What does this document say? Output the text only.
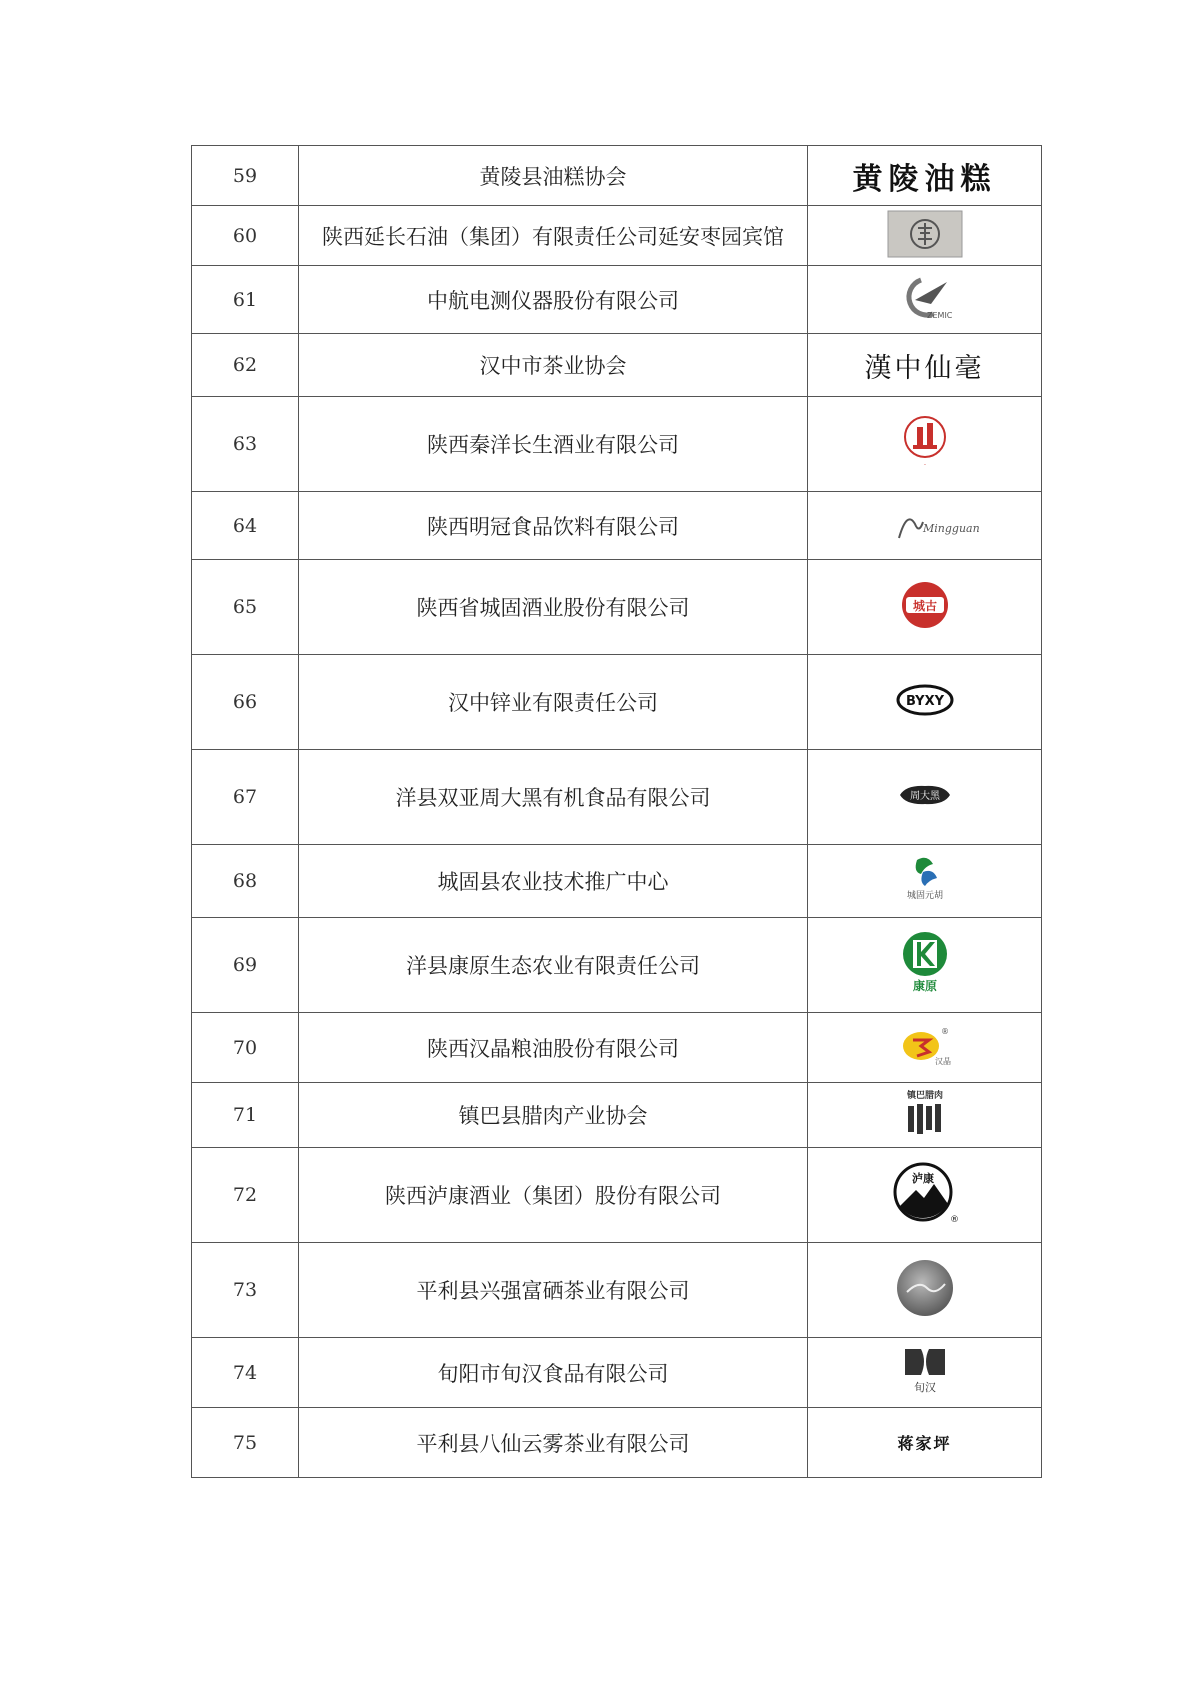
59	黄陵县油糕协会	黄陵油糕

60	陕西延长石油（集团）有限责任公司延安枣园宾馆	

61	中航电测仪器股份有限公司	ZEMIC

62	汉中市茶业协会	漢中仙毫

63	陕西秦洋长生酒业有限公司	·

64	陕西明冠食品饮料有限公司	Mingguan

65	陕西省城固酒业股份有限公司	城古

66	汉中锌业有限责任公司	BYXY

67	洋县双亚周大黑有机食品有限公司	周大黑

68	城固县农业技术推广中心	城固元胡

69	洋县康原生态农业有限责任公司	康原

70	陕西汉晶粮油股份有限公司	汉晶
®

71	镇巴县腊肉产业协会	镇巴腊肉

72	陕西泸康酒业（集团）股份有限公司	泸康
®

73	平利县兴强富硒茶业有限公司	

74	旬阳市旬汉食品有限公司	旬汉

75	平利县八仙云雾茶业有限公司	蒋家坪
